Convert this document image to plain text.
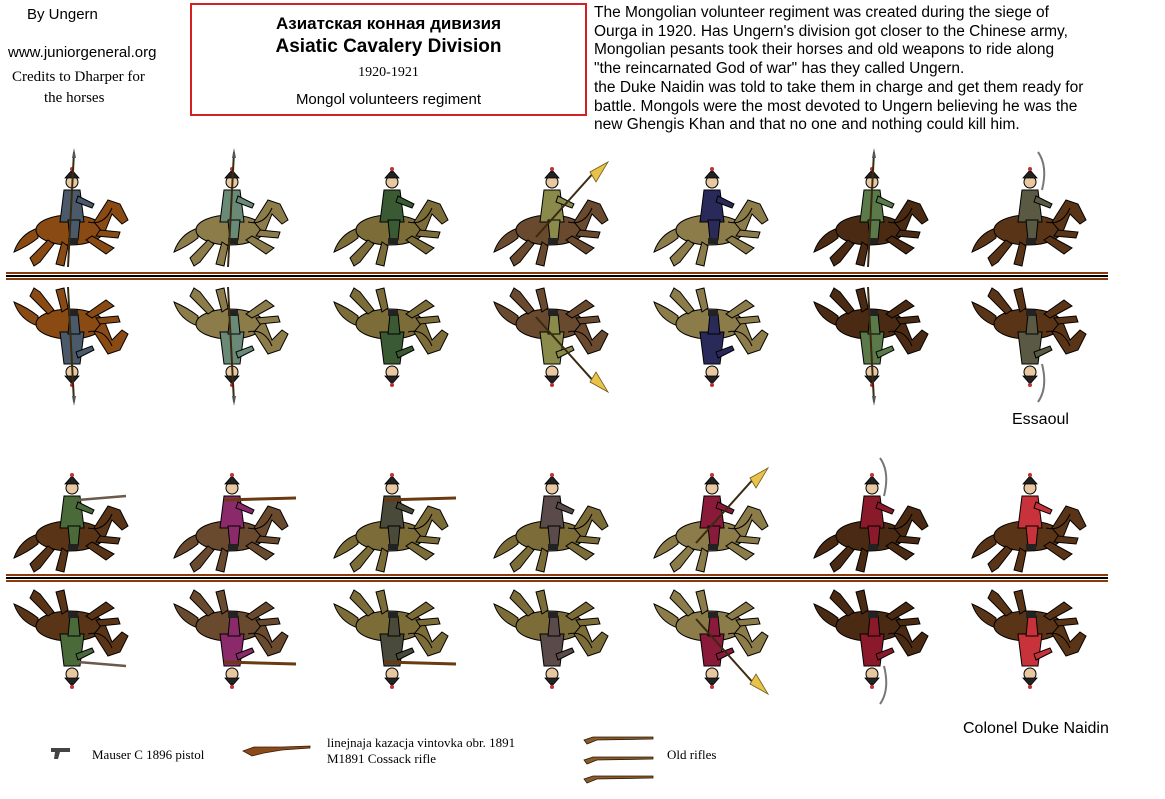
By Ungern
www.juniorgeneral.org
Credits to Dharper for
the horses
Азиатская конная дивизия
Asiatic Cavalery Division
1920-1921
Mongol volunteers regiment
The Mongolian volunteer regiment was created during the siege of
Ourga in 1920. Has Ungern's division got closer to the Chinese army,
Mongolian pesants took their horses and old weapons to ride along
"the reincarnated God of war" has they called Ungern.
the Duke Naidin was told to take them in charge and get them ready for
battle. Mongols were the most devoted to Ungern believing he was the
new Ghengis Khan and that no one and nothing could kill him.
Essaoul
Colonel Duke Naidin
Mauser C 1896 pistol
linejnaja kazacja vintovka obr. 1891
M1891 Cossack rifle	Old rifles
